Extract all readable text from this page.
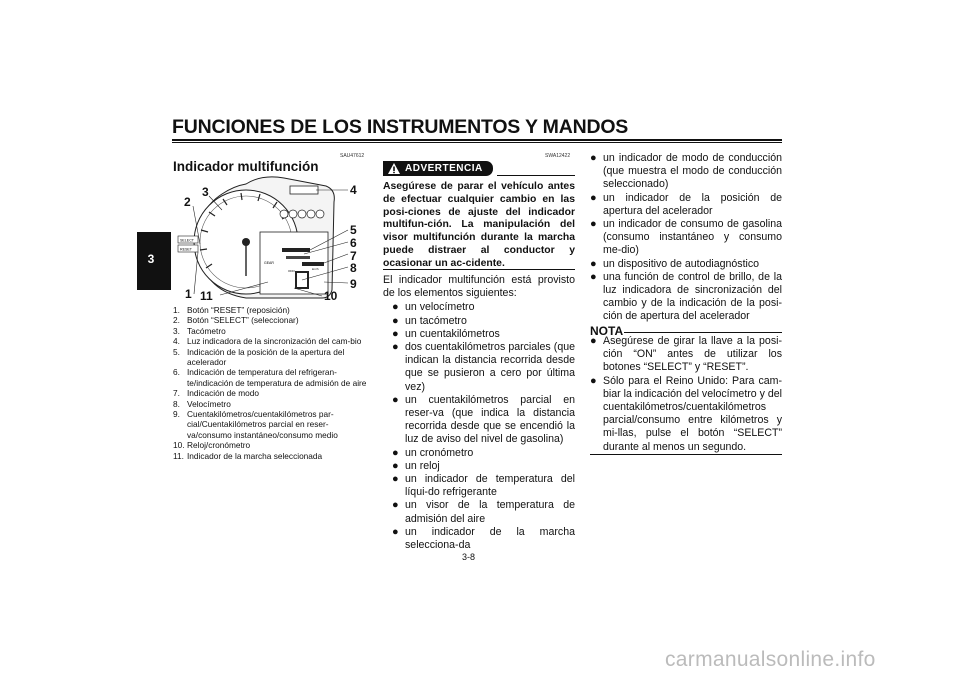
FUNCIONES DE LOS INSTRUMENTOS Y MANDOS
3
SAU47612
Indicador multifunción
SELECT
RESET
GEAR
ODO	km/h
1
2
3	4
5
6
7
8
9
10
11
1. Botón “RESET” (reposición)
2. Botón “SELECT” (seleccionar)
3. Tacómetro
4. Luz indicadora de la sincronización del cam-bio
5. Indicación de la posición de la apertura del acelerador
6. Indicación de temperatura del refrigeran-te/indicación de temperatura de admisión de aire
7. Indicación de modo
8. Velocímetro
9. Cuentakilómetros/cuentakilómetros par-cial/Cuentakilómetros parcial en reser-va/consumo instantáneo/consumo medio
10. Reloj/cronómetro
11. Indicador de la marcha seleccionada
SWA12422
ADVERTENCIA
Asegúrese de parar el vehículo antes de efectuar cualquier cambio en las posi-ciones de ajuste del indicador multifun-ción. La manipulación del visor multifunción durante la marcha puede distraer al conductor y ocasionar un ac-cidente.
El indicador multifunción está provisto de los elementos siguientes:
● un velocímetro
● un tacómetro
● un cuentakilómetros
● dos cuentakilómetros parciales (que indican la distancia recorrida desde que se pusieron a cero por última vez)
● un cuentakilómetros parcial en reser-va (que indica la distancia recorrida desde que se encendió la luz de aviso del nivel de gasolina)
● un cronómetro
● un reloj
● un indicador de temperatura del líqui-do refrigerante
● un visor de la temperatura de admisión del aire
● un indicador de la marcha selecciona-da
● un indicador de modo de conducción (que muestra el modo de conducción seleccionado)
● un indicador de la posición de apertura del acelerador
● un indicador de consumo de gasolina (consumo instantáneo y consumo me-dio)
● un dispositivo de autodiagnóstico
● una función de control de brillo, de la luz indicadora de sincronización del cambio y de la indicación de la posi-ción de apertura del acelerador
NOTA
● Asegúrese de girar la llave a la posi-ción “ON” antes de utilizar los botones “SELECT” y “RESET”.
● Sólo para el Reino Unido: Para cam-biar la indicación del velocímetro y del cuentakilómetros/cuentakilómetros parcial/consumo entre kilómetros y mi-llas, pulse el botón “SELECT” durante al menos un segundo.
3-8
carmanualsonline.info
